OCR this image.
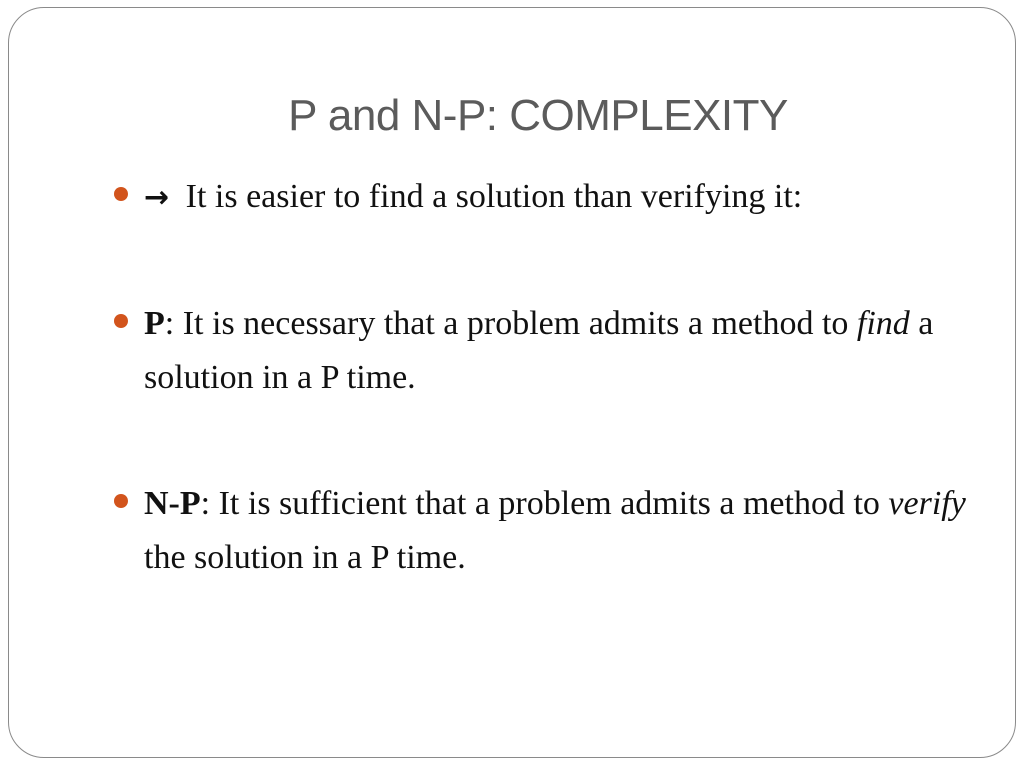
P and N-P: COMPLEXITY
→ It is easier to find a solution than verifying it:
P: It is necessary that a problem admits a method to find a solution in a P time.
N-P: It is sufficient that a problem admits a method to verify the solution in a P time.
